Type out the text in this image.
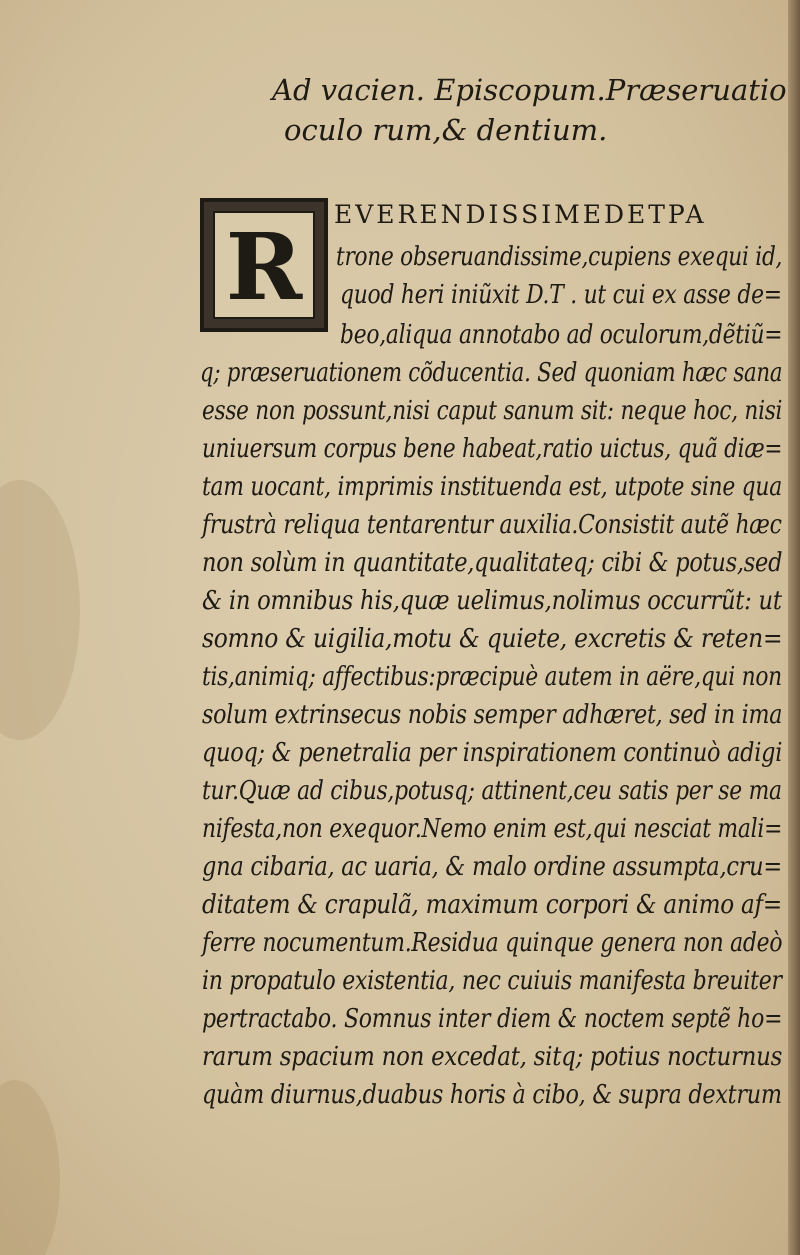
Ad vacien. Episcopum.Præseruatio
oculo rum,& dentium.
R	EVERENDISSIMEDETPA
trone obseruandissime,cupiens exequi id,
quod heri iniũxit D.T . ut cui ex asse de=
beo,aliqua annotabo ad oculorum,dẽtiũ=
q; præseruationem cõducentia. Sed quoniam hæc sana
esse non possunt,nisi caput sanum sit: neque hoc, nisi
uniuersum corpus bene habeat,ratio uictus, quã diæ=
tam uocant, imprimis instituenda est, utpote sine qua
frustrà reliqua tentarentur auxilia.Consistit autẽ hæc
non solùm in quantitate,qualitateq; cibi & potus,sed
& in omnibus his,quæ uelimus,nolimus occurrũt: ut
somno & uigilia,motu & quiete, excretis & reten=
tis,animiq; affectibus:præcipuè autem in aëre,qui non
solum extrinsecus nobis semper adhæret, sed in ima
quoq; & penetralia per inspirationem continuò adigi
tur.Quæ ad cibus,potusq; attinent,ceu satis per se ma
nifesta,non exequor.Nemo enim est,qui nesciat mali=
gna cibaria, ac uaria, & malo ordine assumpta,cru=
ditatem & crapulã, maximum corpori & animo af=
ferre nocumentum.Residua quinque genera non adeò
in propatulo existentia, nec cuiuis manifesta breuiter
pertractabo. Somnus inter diem & noctem septẽ ho=
rarum spacium non excedat, sitq; potius nocturnus
quàm diurnus,duabus horis à cibo, & supra dextrum
